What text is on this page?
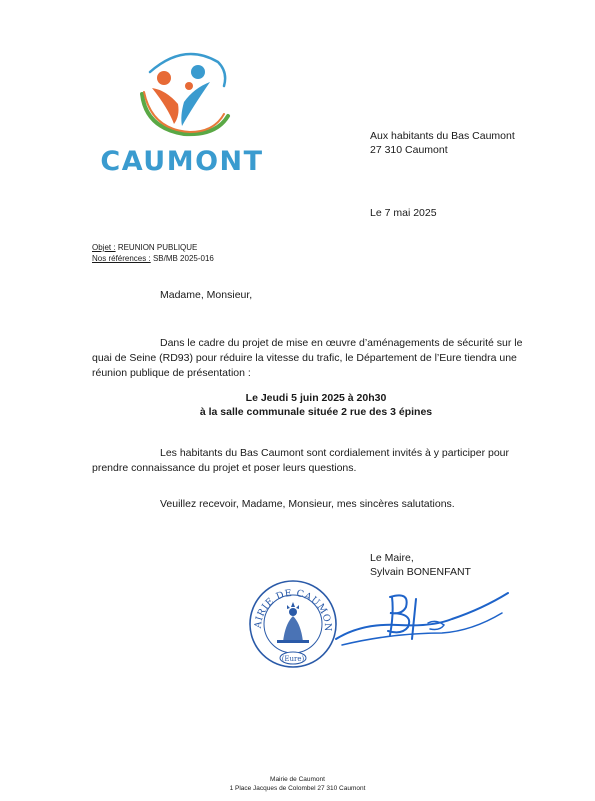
CAUMONT
Aux habitants du Bas Caumont
27 310 Caumont
Le 7 mai 2025
Objet : REUNION PUBLIQUE
Nos références : SB/MB 2025-016
Madame, Monsieur,
Dans le cadre du projet de mise en œuvre d’aménagements de sécurité sur le quai de Seine (RD93) pour réduire la vitesse du trafic, le Département de l’Eure tiendra une réunion publique de présentation :
Le Jeudi 5 juin 2025 à 20h30
à la salle communale située 2 rue des 3 épines
Les habitants du Bas Caumont sont cordialement invités à y participer pour prendre connaissance du projet et poser leurs questions.
Veuillez recevoir, Madame, Monsieur, mes sincères salutations.
Le Maire,
Sylvain BONENFANT
AIRIE DE CAUMON
(Eure)
Mairie de Caumont
1 Place Jacques de Colombel 27 310 Caumont
